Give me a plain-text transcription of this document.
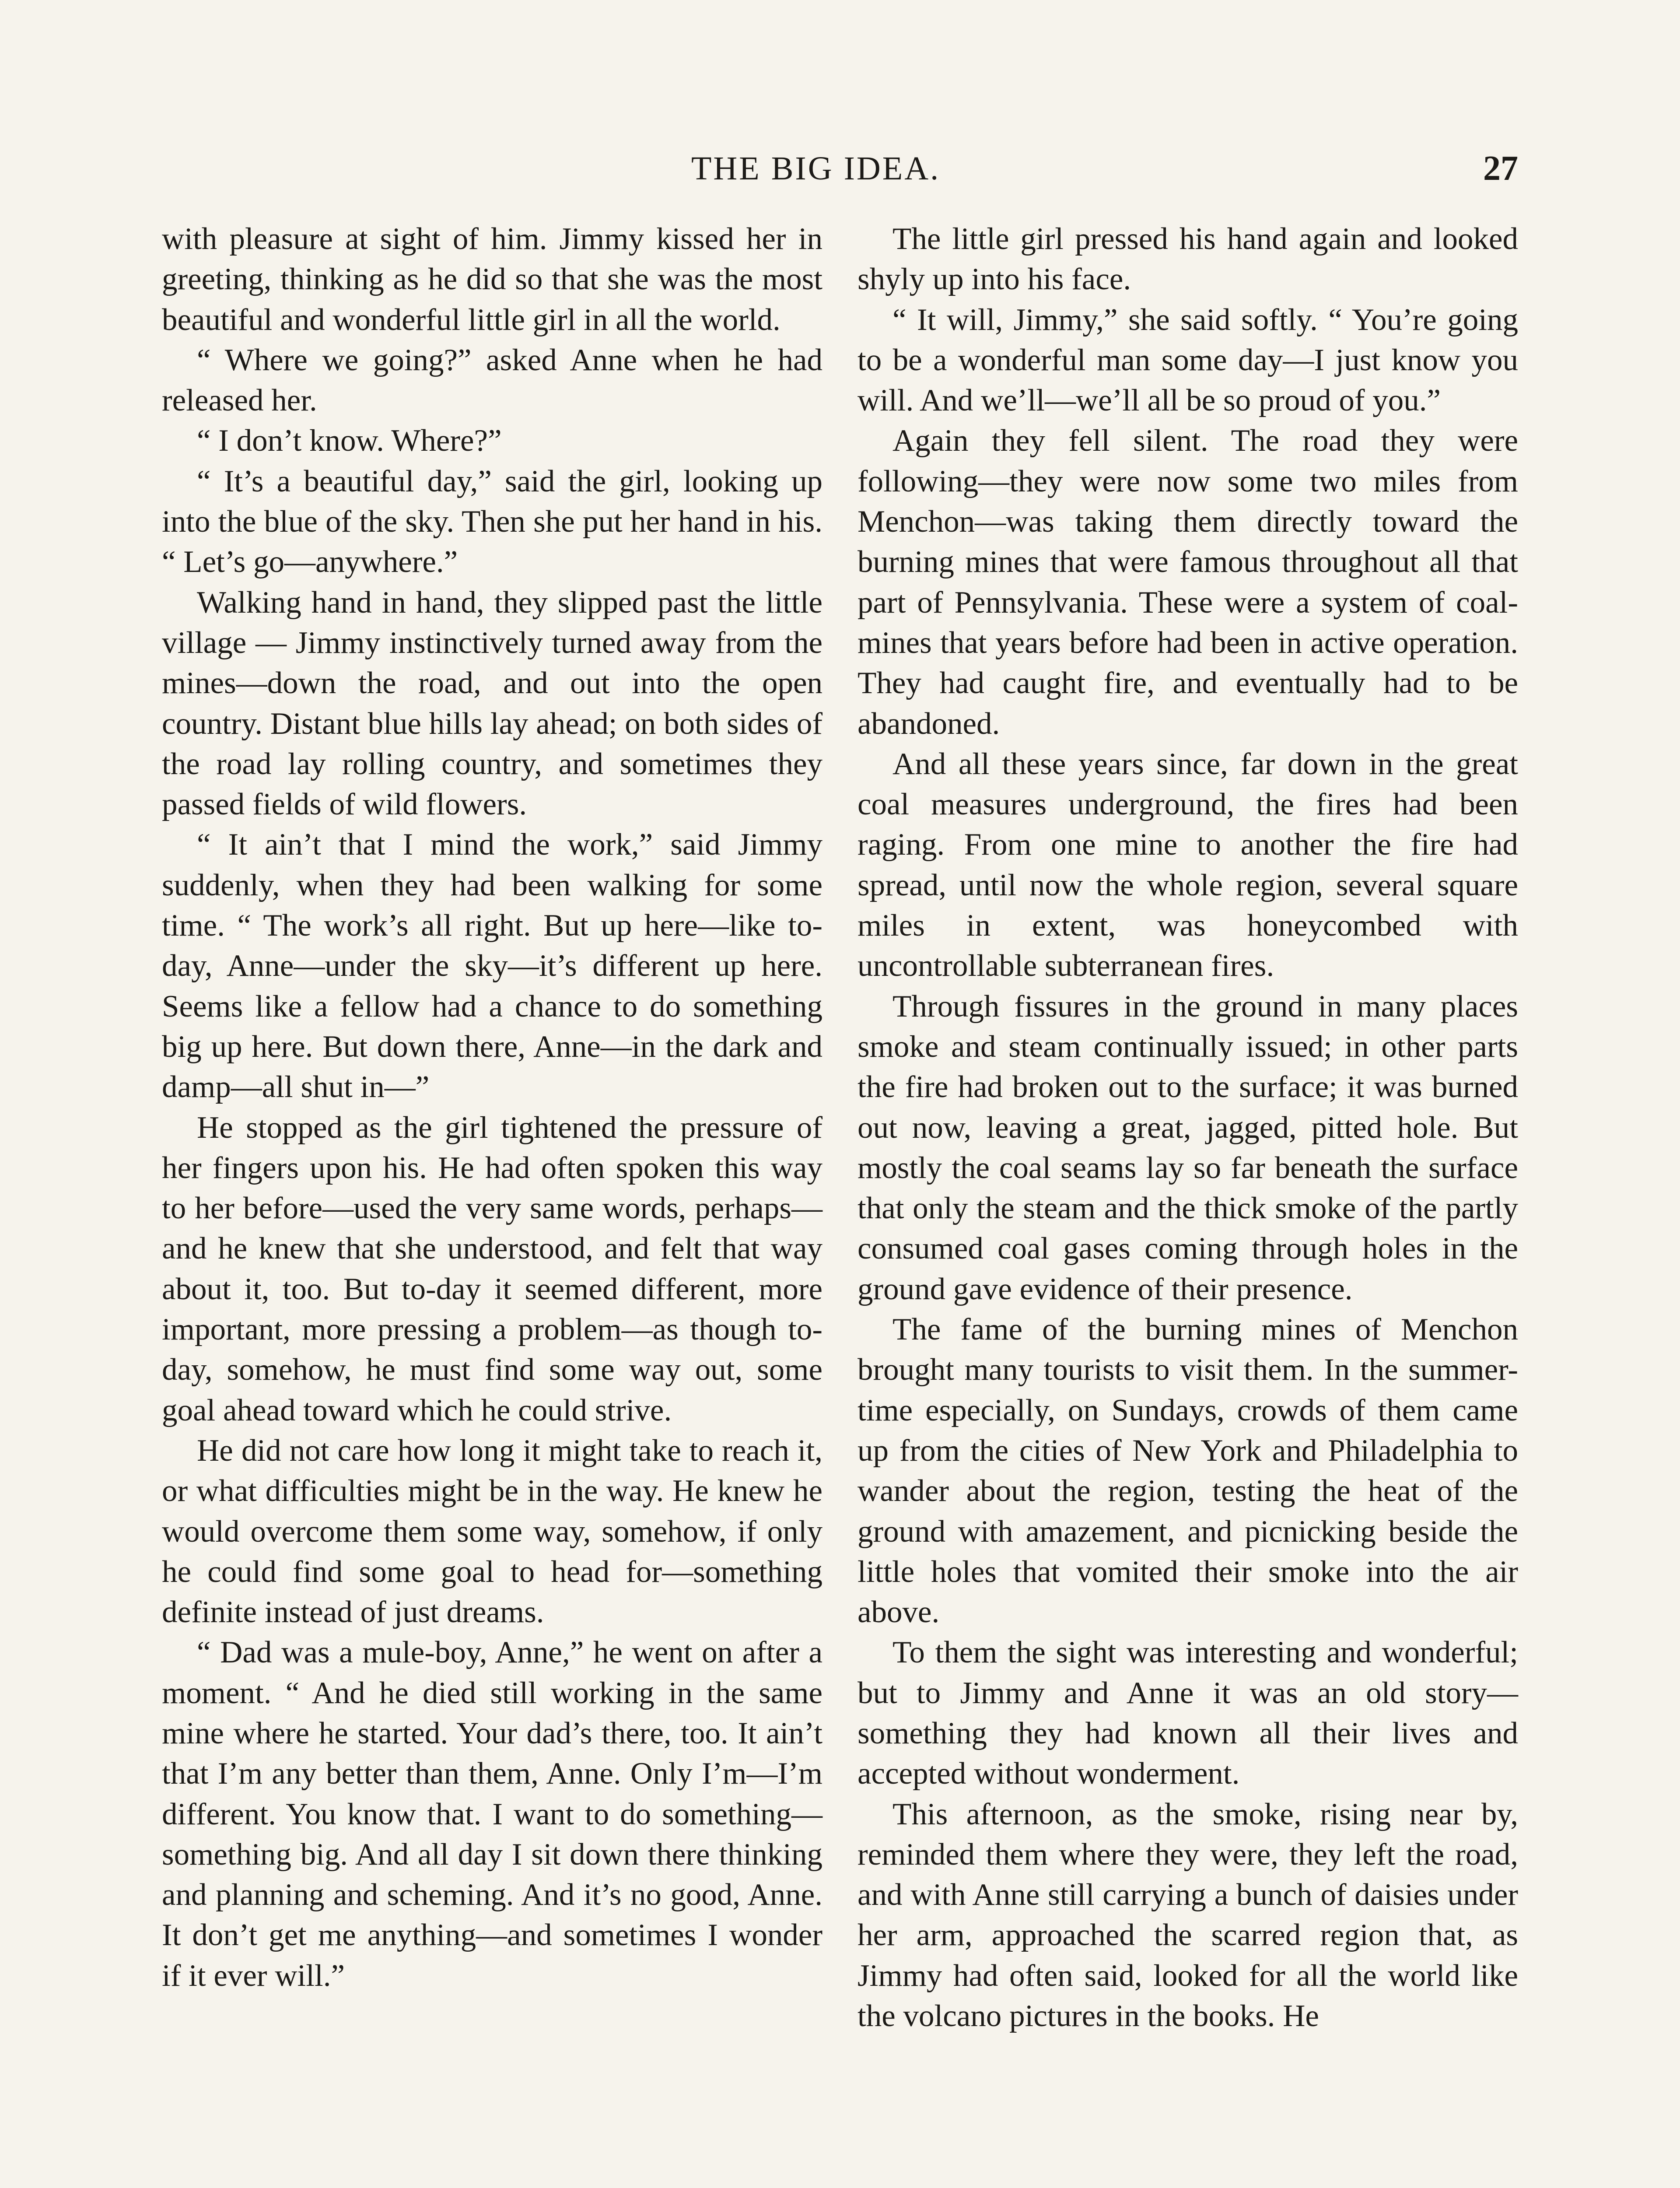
THE BIG IDEA.	27

with pleasure at sight of him. Jimmy kissed her in greeting, thinking as he did so that she was the most beautiful and wonderful little girl in all the world.

“ Where we going?” asked Anne when he had released her.

“ I don’t know. Where?”

“ It’s a beautiful day,” said the girl, looking up into the blue of the sky. Then she put her hand in his. “ Let’s go—anywhere.”

Walking hand in hand, they slipped past the little village — Jimmy instinctively turned away from the mines—down the road, and out into the open country. Distant blue hills lay ahead; on both sides of the road lay rolling country, and sometimes they passed fields of wild flowers.

“ It ain’t that I mind the work,” said Jimmy suddenly, when they had been walking for some time. “ The work’s all right. But up here—like to-day, Anne—under the sky—it’s different up here. Seems like a fellow had a chance to do something big up here. But down there, Anne—in the dark and damp—all shut in—”

He stopped as the girl tightened the pressure of her fingers upon his. He had often spoken this way to her before—used the very same words, perhaps—and he knew that she understood, and felt that way about it, too. But to-day it seemed different, more important, more pressing a problem—as though to-day, somehow, he must find some way out, some goal ahead toward which he could strive.

He did not care how long it might take to reach it, or what difficulties might be in the way. He knew he would overcome them some way, somehow, if only he could find some goal to head for—something definite instead of just dreams.

“ Dad was a mule-boy, Anne,” he went on after a moment. “ And he died still working in the same mine where he started. Your dad’s there, too. It ain’t that I’m any better than them, Anne. Only I’m—I’m different. You know that. I want to do something—something big. And all day I sit down there thinking and planning and scheming. And it’s no good, Anne. It don’t get me anything—and sometimes I wonder if it ever will.”

The little girl pressed his hand again and looked shyly up into his face.

“ It will, Jimmy,” she said softly. “ You’re going to be a wonderful man some day—I just know you will. And we’ll—we’ll all be so proud of you.”

Again they fell silent. The road they were following—they were now some two miles from Menchon—was taking them directly toward the burning mines that were famous throughout all that part of Pennsylvania. These were a system of coal-mines that years before had been in active operation. They had caught fire, and eventually had to be abandoned.

And all these years since, far down in the great coal measures underground, the fires had been raging. From one mine to another the fire had spread, until now the whole region, several square miles in extent, was honeycombed with uncontrollable subterranean fires.

Through fissures in the ground in many places smoke and steam continually issued; in other parts the fire had broken out to the surface; it was burned out now, leaving a great, jagged, pitted hole. But mostly the coal seams lay so far beneath the surface that only the steam and the thick smoke of the partly consumed coal gases coming through holes in the ground gave evidence of their presence.

The fame of the burning mines of Menchon brought many tourists to visit them. In the summer-time especially, on Sundays, crowds of them came up from the cities of New York and Philadelphia to wander about the region, testing the heat of the ground with amazement, and picnicking beside the little holes that vomited their smoke into the air above.

To them the sight was interesting and wonderful; but to Jimmy and Anne it was an old story—something they had known all their lives and accepted without wonderment.

This afternoon, as the smoke, rising near by, reminded them where they were, they left the road, and with Anne still carrying a bunch of daisies under her arm, approached the scarred region that, as Jimmy had often said, looked for all the world like the volcano pictures in the books. He
